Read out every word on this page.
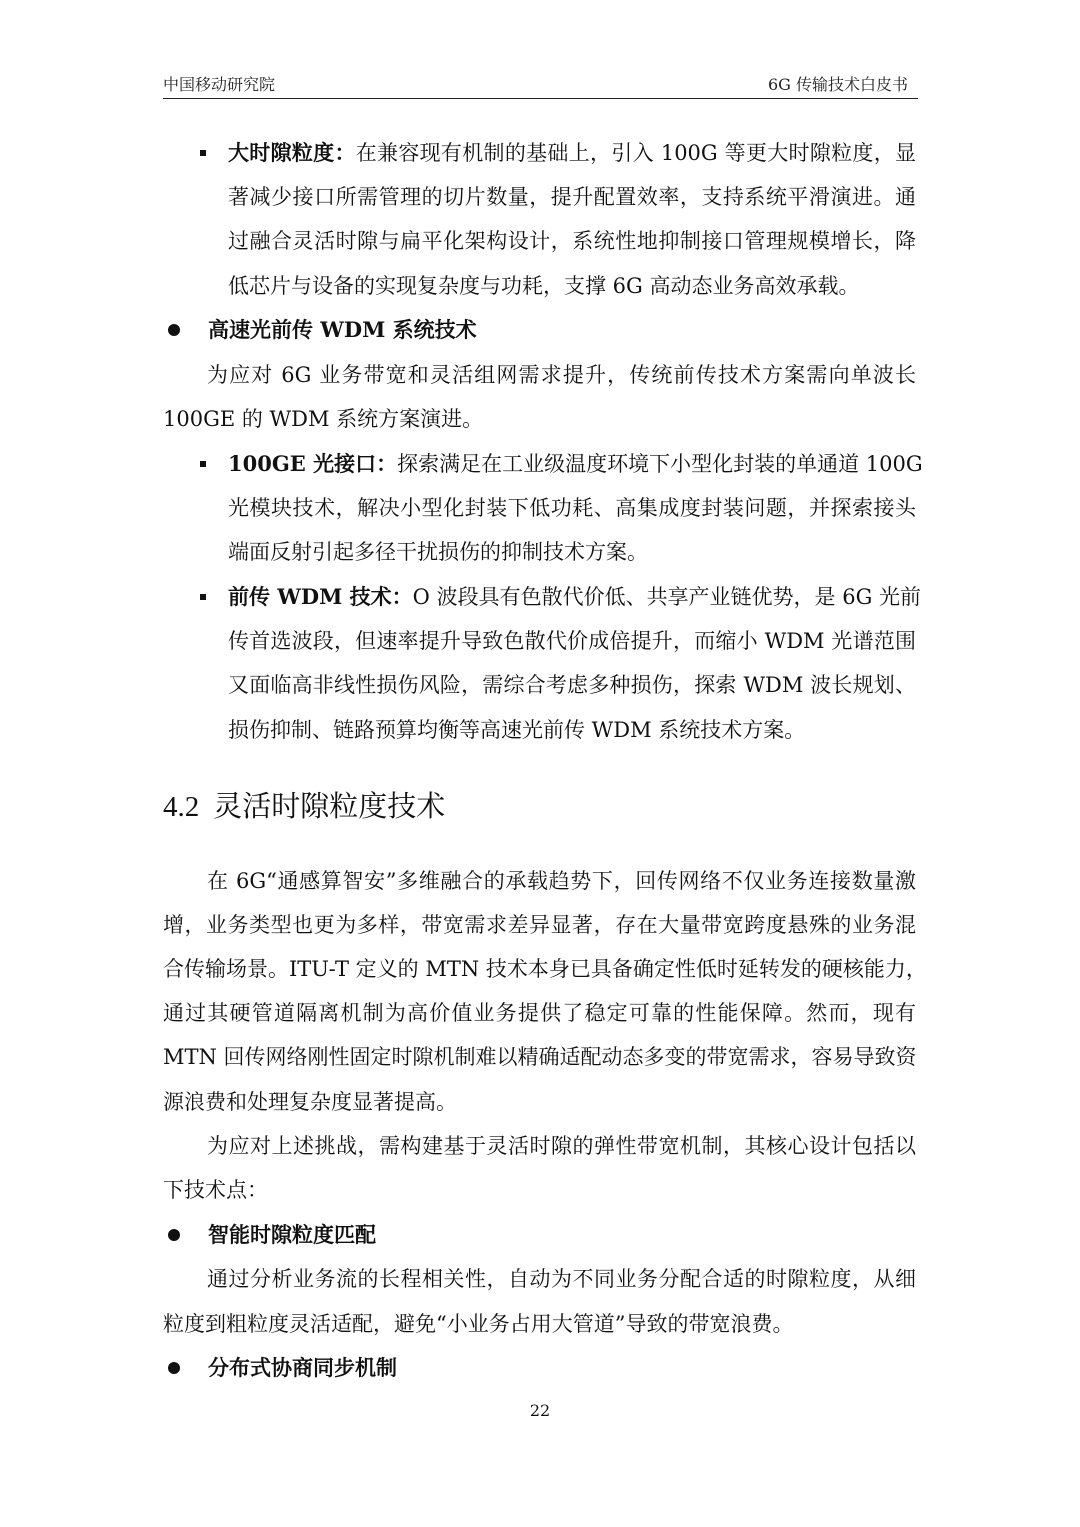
中国移动研究院	6G 传输技术白皮书
大时隙粒度：在兼容现有机制的基础上，引入 100G 等更大时隙粒度，显
著减少接口所需管理的切片数量，提升配置效率，支持系统平滑演进。通
过融合灵活时隙与扁平化架构设计，系统性地抑制接口管理规模增长，降
低芯片与设备的实现复杂度与功耗，支撑 6G 高动态业务高效承载。
高速光前传 WDM 系统技术
为应对 6G 业务带宽和灵活组网需求提升，传统前传技术方案需向单波长
100GE 的 WDM 系统方案演进。
100GE 光接口：探索满足在工业级温度环境下小型化封装的单通道 100G
光模块技术，解决小型化封装下低功耗、高集成度封装问题，并探索接头
端面反射引起多径干扰损伤的抑制技术方案。
前传 WDM 技术：O 波段具有色散代价低、共享产业链优势，是 6G 光前
传首选波段，但速率提升导致色散代价成倍提升，而缩小 WDM 光谱范围
又面临高非线性损伤风险，需综合考虑多种损伤，探索 WDM 波长规划、
损伤抑制、链路预算均衡等高速光前传 WDM 系统技术方案。
4.2 灵活时隙粒度技术
在 6G“通感算智安”多维融合的承载趋势下，回传网络不仅业务连接数量激
增，业务类型也更为多样，带宽需求差异显著，存在大量带宽跨度悬殊的业务混
合传输场景。ITU-T 定义的 MTN 技术本身已具备确定性低时延转发的硬核能力，
通过其硬管道隔离机制为高价值业务提供了稳定可靠的性能保障。然而，现有
MTN 回传网络刚性固定时隙机制难以精确适配动态多变的带宽需求，容易导致资
源浪费和处理复杂度显著提高。
为应对上述挑战，需构建基于灵活时隙的弹性带宽机制，其核心设计包括以
下技术点：
智能时隙粒度匹配
通过分析业务流的长程相关性，自动为不同业务分配合适的时隙粒度，从细
粒度到粗粒度灵活适配，避免“小业务占用大管道”导致的带宽浪费。
分布式协商同步机制
22
